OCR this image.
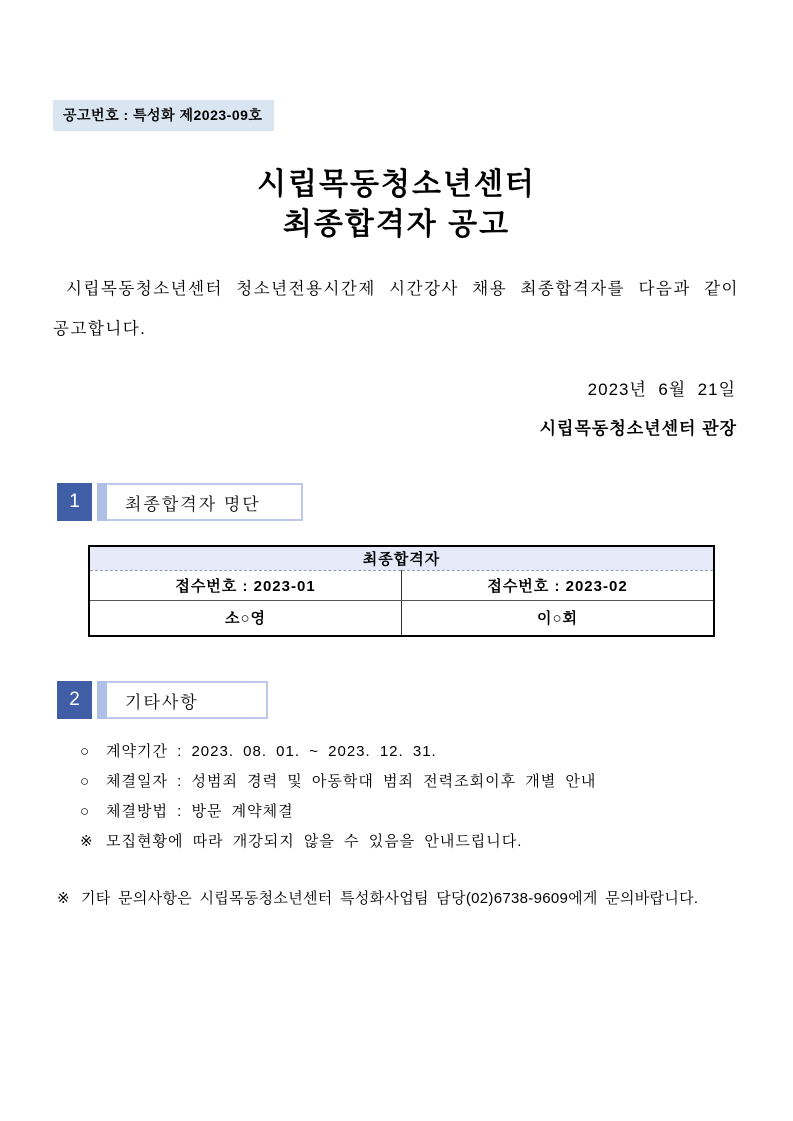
공고번호 : 특성화 제2023-09호
시립목동청소년센터
최종합격자 공고

시립목동청소년센터 청소년전용시간제 시간강사 채용 최종합격자를 다음과 같이 공고합니다.

2023년  6월  21일
시립목동청소년센터 관장
1	최종합격자 명단
최종합격자	
접수번호 : 2023-01	접수번호 : 2023-02
소○영	이○회
2	기타사항
○	계약기간 : 2023. 08. 01. ~ 2023. 12. 31.
○	체결일자 : 성범죄 경력 및 아동학대 범죄 전력조회이후 개별 안내
○	체결방법 : 방문 계약체결
※ 모집현황에 따라 개강되지 않을 수 있음을 안내드립니다.
※ 기타 문의사항은 시립목동청소년센터 특성화사업팀 담당(02)6738-9609에게 문의바랍니다.
